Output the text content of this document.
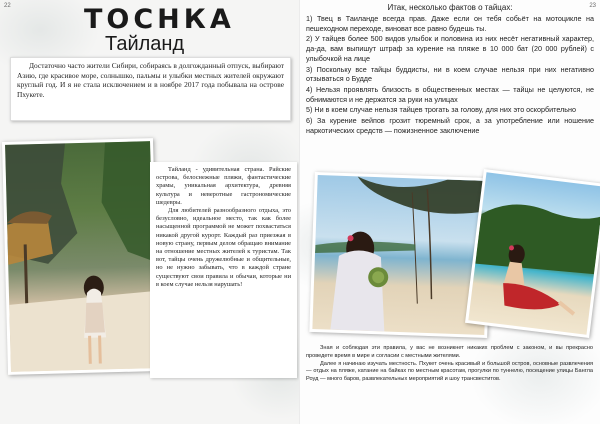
22	ТОСНКА
Тайланд
Достаточно часто жители Сибири, собираясь в долгожданный отпуск, выбирают Азию, где красивое море, солнышко, пальмы и улыбки местных жителей окружают круглый год. И я не стала исключением и в ноябре 2017 года побывала на острове Пхукете.

Тайланд - удивительная страна. Райские острова, белоснежные пляжи, фантастические храмы, уникальная архитектура, древняя культура и неверотные гастрономические шедевры.

Для любителей разнообразного отдыха, это безусловно, идеальное место, так как более насыщенной программой не может похвастаться никакой другой курорт. Каждый раз приезжая в новую страну, первым делом обращаю внимание на отношение местных жителей к туристам. Так вот, тайцы очень дружелюбные и общительные, но не нужно забывать, что в каждой стране существуют свои правила и обычаи, которые ни в коем случае нельзя нарушать!

23
Итак, несколько фактов о тайцах:
1) Твец в Таиланде всегда прав. Даже если он тебя собьёт на мотоцикле на пешеходном переходе, виноват все равно будешь ты.
2) У тайцев более 500 видов улыбок и половина из них несёт негативный характер, да-да, вам выпишут штраф за курение на пляже в 10 000 бат (20 000 рублей) с улыбочкой на лице
3) Поскольку все тайцы буддисты, ни в коем случае нельзя при них негативно отзываться о Будде
4) Нельзя проявлять близость в общественных местах — тайцы не целуются, не обнимаются и не держатся за руки на улицах
5) Ни в коем случае нельзя тайцев трогать за голову, для них это оскорбительно
6) За курение вейпов грозит тюремный срок, а за употребление или ношение наркотических средств — пожизненное заключение

Зная и соблюдая эти правила, у вас не возникнет никаких проблем с законом, и вы прекрасно проведете время в мире и согласии с местными жителями.

Далее я начинаю изучать местность. Пхукет очень красивый и большой остров, основные развлечения — отдых на пляже, катание на байках по местным красотам, прогулки по туннелю, посещение улицы Бангла Роуд — много баров, развлекательных мероприятий и шоу трансвеститов.
